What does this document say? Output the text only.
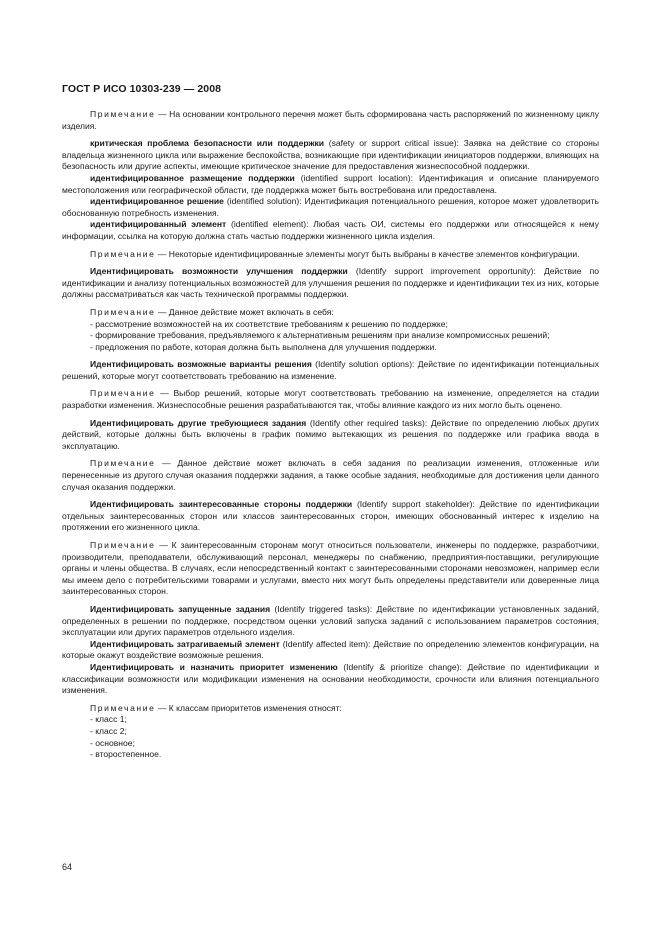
ГОСТ Р ИСО 10303-239 — 2008

Примечание — На основании контрольного перечня может быть сформирована часть распоряжений по жизненному циклу изделия.

критическая проблема безопасности или поддержки (safety or support critical issue): Заявка на действие со стороны владельца жизненного цикла или выражение беспокойства, возникающие при идентификации инициаторов поддержки, влияющих на безопасность или другие аспекты, имеющие критическое значение для предоставления жизнеспособной поддержки.

идентифицированное размещение поддержки (identified support location): Идентификация и описание планируемого местоположения или географической области, где поддержка может быть востребована или предоставлена.

идентифицированное решение (identified solution): Идентификация потенциального решения, которое может удовлетворить обоснованную потребность изменения.

идентифицированный элемент (identified element): Любая часть ОИ, системы его поддержки или относящейся к нему информации, ссылка на которую должна стать частью поддержки жизненного цикла изделия.

Примечание — Некоторые идентифицированные элементы могут быть выбраны в качестве элементов конфигурации.

Идентифицировать возможности улучшения поддержки (Identify support improvement opportunity): Действие по идентификации и анализу потенциальных возможностей для улучшения решения по поддержке и идентификации тех из них, которые должны рассматриваться как часть технической программы поддержки.

Примечание — Данное действие может включать в себя:

- рассмотрение возможностей на их соответствие требованиям к решению по поддержке;

- формирование требования, предъявляемого к альтернативным решениям при анализе компромиссных решений;

- предложения по работе, которая должна быть выполнена для улучшения поддержки.

Идентифицировать возможные варианты решения (Identify solution options): Действие по идентификации потенциальных решений, которые могут соответствовать требованию на изменение.

Примечание — Выбор решений, которые могут соответствовать требованию на изменение, определяется на стадии разработки изменения. Жизнеспособные решения разрабатываются так, чтобы влияние каждого из них могло быть оценено.

Идентифицировать другие требующиеся задания (Identify other required tasks): Действие по определению любых других действий, которые должны быть включены в график помимо вытекающих из решения по поддержке или графика ввода в эксплуатацию.

Примечание — Данное действие может включать в себя задания по реализации изменения, отложенные или перенесенные из другого случая оказания поддержки задания, а также особые задания, необходимые для достижения цели данного случая оказания поддержки.

Идентифицировать заинтересованные стороны поддержки (Identify support stakeholder): Действие по идентификации отдельных заинтересованных сторон или классов заинтересованных сторон, имеющих обоснованный интерес к изделию на протяжении его жизненного цикла.

Примечание — К заинтересованным сторонам могут относиться пользователи, инженеры по поддержке, разработчики, производители, преподаватели, обслуживающий персонал, менеджеры по снабжению, предприятия-поставщики, регулирующие органы и члены общества. В случаях, если непосредственный контакт с заинтересованными сторонами невозможен, например если мы имеем дело с потребительскими товарами и услугами, вместо них могут быть определены представители или доверенные лица заинтересованных сторон.

Идентифицировать запущенные задания (Identify triggered tasks): Действие по идентификации установленных заданий, определенных в решении по поддержке, посредством оценки условий запуска заданий с использованием параметров состояния, эксплуатации или других параметров отдельного изделия.

Идентифицировать затрагиваемый элемент (Identify affected item): Действие по определению элементов конфигурации, на которые окажут воздействие возможные решения.

Идентифицировать и назначить приоритет изменению (Identify & prioritize change): Действие по идентификации и классификации возможности или модификации изменения на основании необходимости, срочности или влияния потенциального изменения.

Примечание — К классам приоритетов изменения относят:

- класс 1;

- класс 2;

- основное;

- второстепенное.

64
